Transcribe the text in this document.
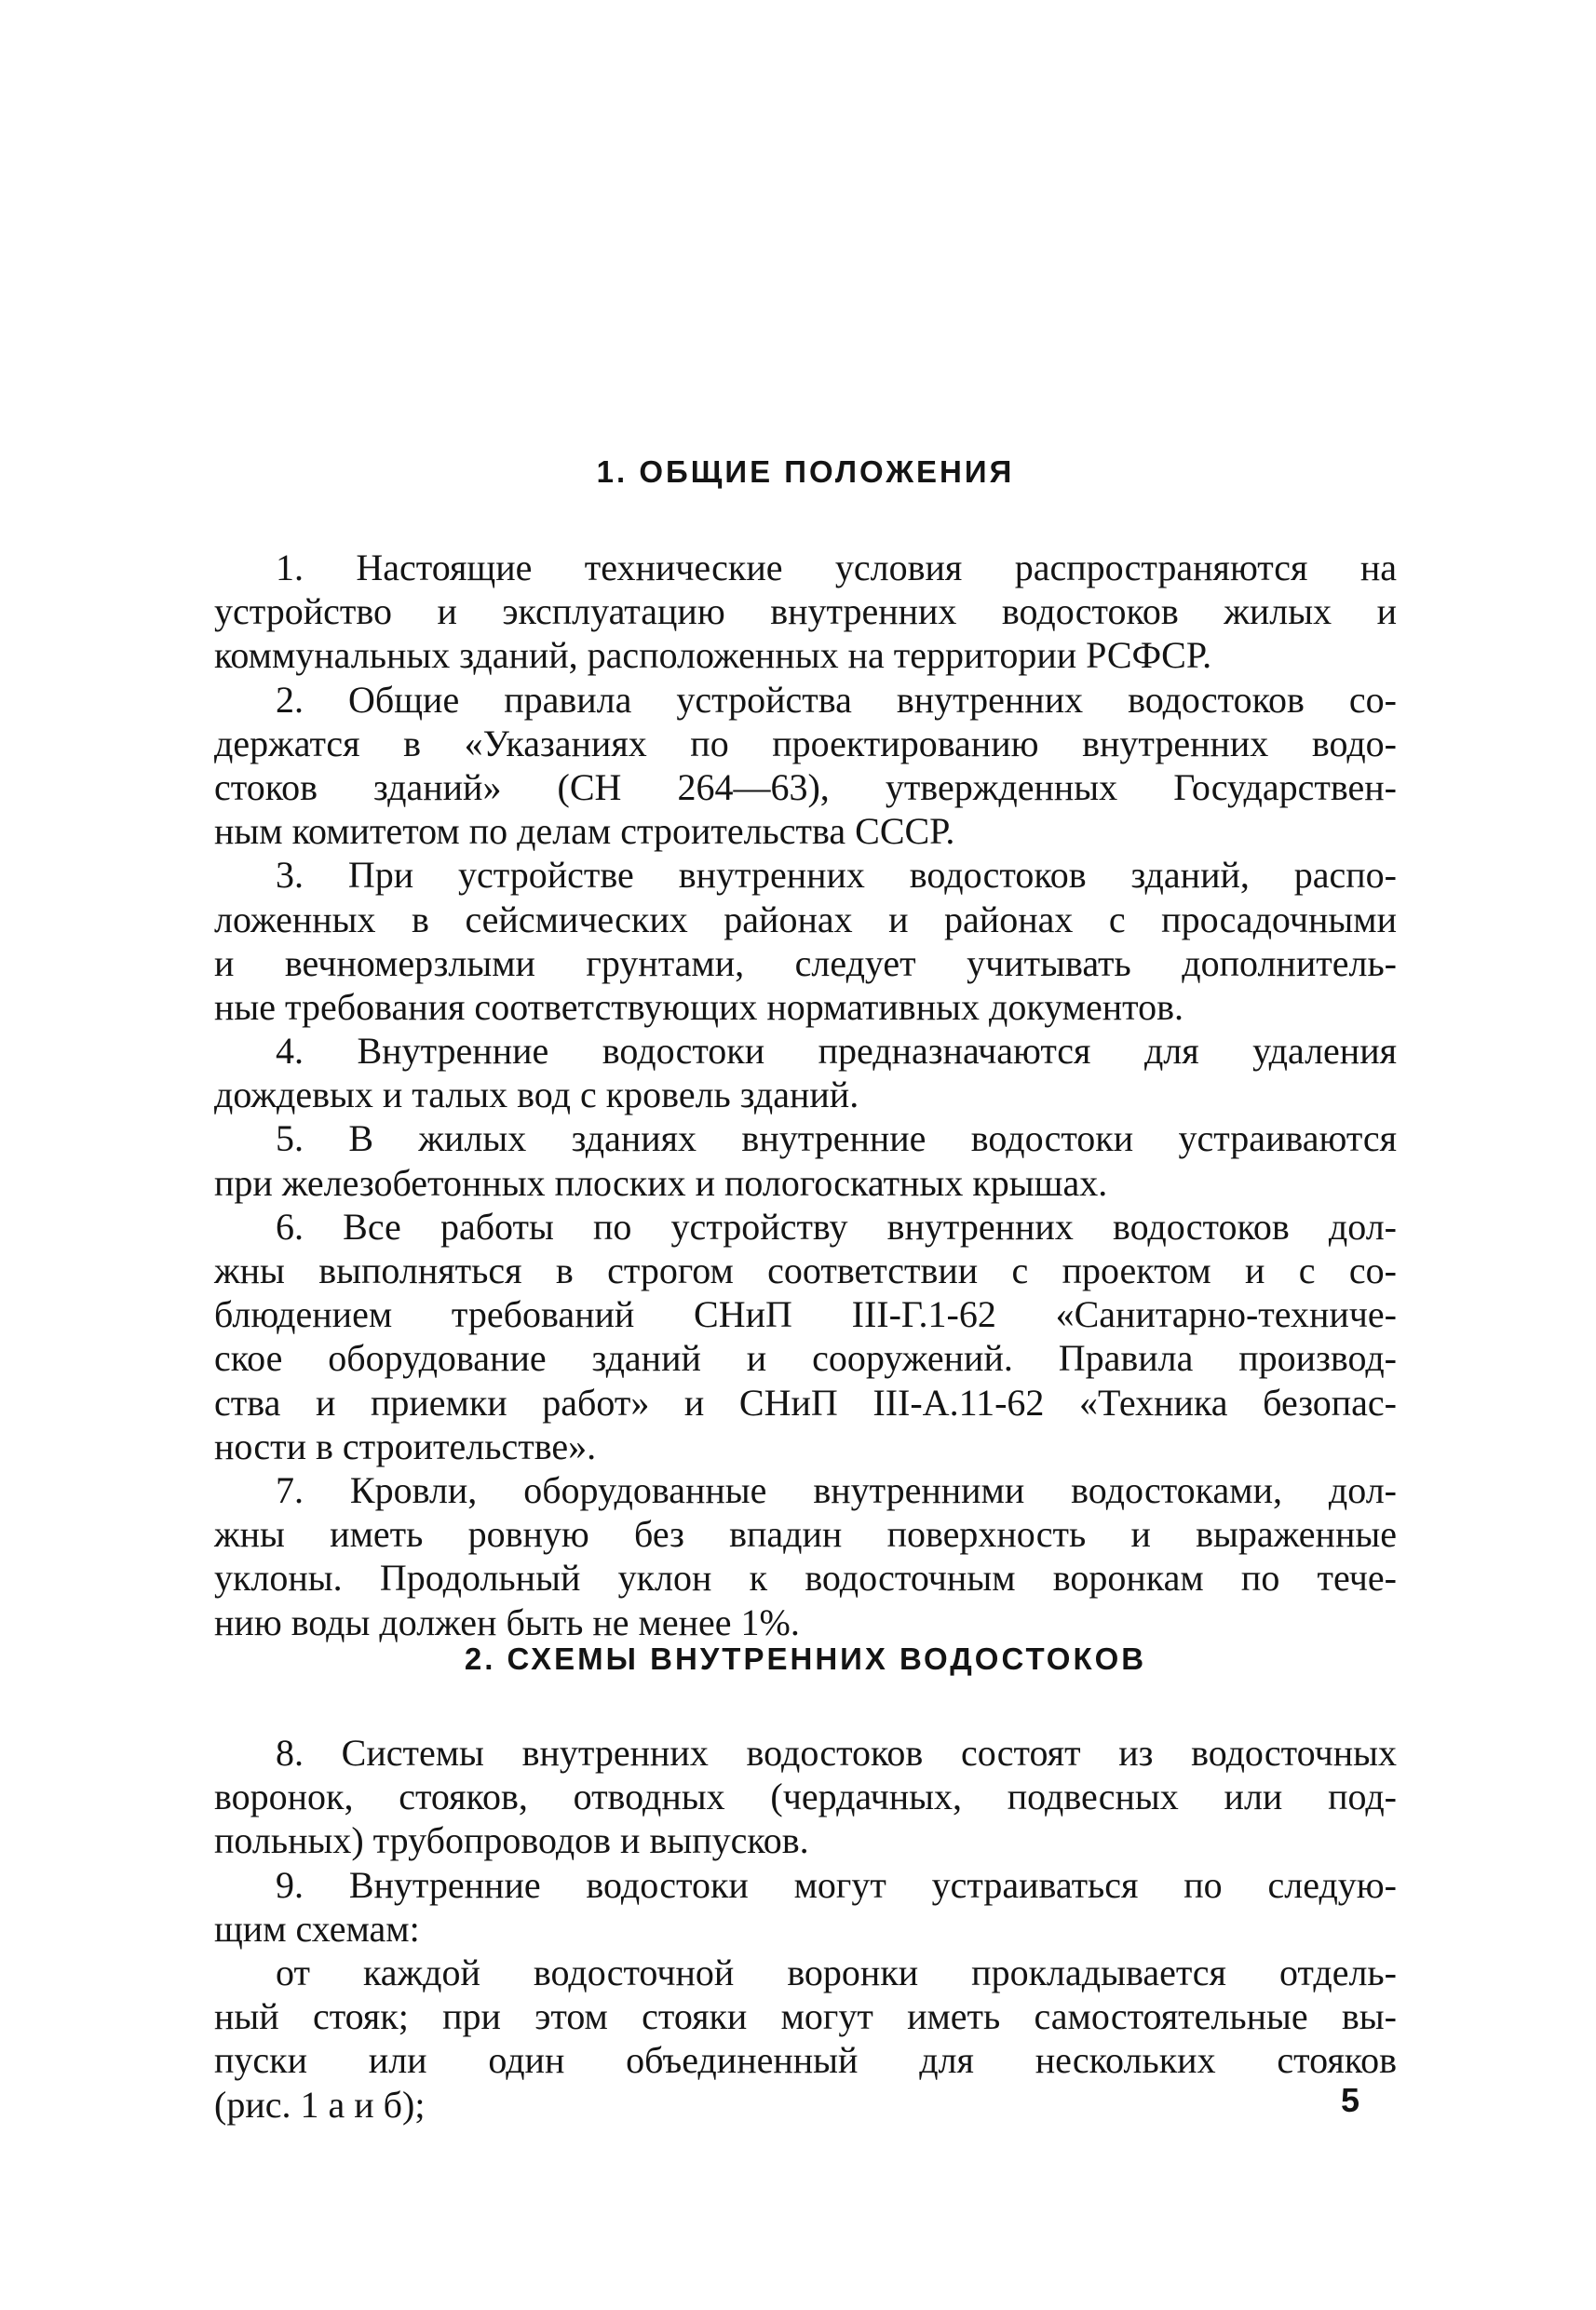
1. ОБЩИЕ ПОЛОЖЕНИЯ

1. Настоящие технические условия распространяются на
устройство и эксплуатацию внутренних водостоков жилых и
коммунальных зданий, расположенных на территории РСФСР.

2. Общие правила устройства внутренних водостоков со-
держатся в «Указаниях по проектированию внутренних водо-
стоков зданий» (СН 264—63), утвержденных Государствен-
ным комитетом по делам строительства СССР.

3. При устройстве внутренних водостоков зданий, распо-
ложенных в сейсмических районах и районах с просадочными
и вечномерзлыми грунтами, следует учитывать дополнитель-
ные требования соответствующих нормативных документов.

4. Внутренние водостоки предназначаются для удаления
дождевых и талых вод с кровель зданий.

5. В жилых зданиях внутренние водостоки устраиваются
при железобетонных плоских и пологоскатных крышах.

6. Все работы по устройству внутренних водостоков дол-
жны выполняться в строгом соответствии с проектом и с со-
блюдением требований СНиП III-Г.1-62 «Санитарно-техниче-
ское оборудование зданий и сооружений. Правила производ-
ства и приемки работ» и СНиП III-А.11-62 «Техника безопас-
ности в строительстве».

7. Кровли, оборудованные внутренними водостоками, дол-
жны иметь ровную без впадин поверхность и выраженные
уклоны. Продольный уклон к водосточным воронкам по тече-
нию воды должен быть не менее 1%.

2. СХЕМЫ ВНУТРЕННИХ ВОДОСТОКОВ

8. Системы внутренних водостоков состоят из водосточных
воронок, стояков, отводных (чердачных, подвесных или под-
польных) трубопроводов и выпусков.

9. Внутренние водостоки могут устраиваться по следую-
щим схемам:

от каждой водосточной воронки прокладывается отдель-
ный стояк; при этом стояки могут иметь самостоятельные вы-
пуски или один объединенный для нескольких стояков
(рис. 1 а и б);	5
